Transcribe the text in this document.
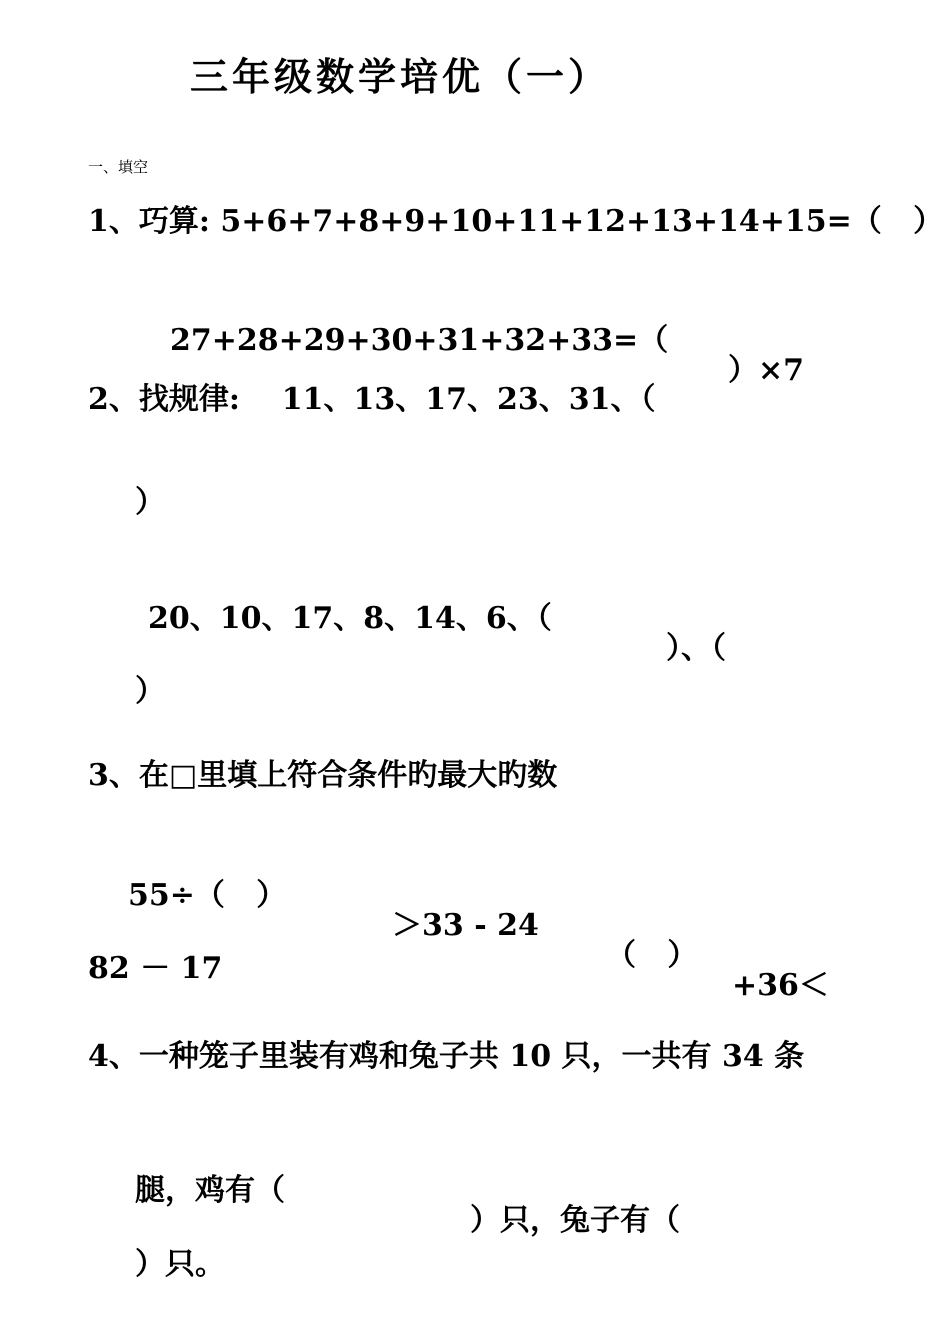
三年级数学培优（一）
一、填空
1、巧算: 5+6+7+8+9+10+11+12+13+14+15=（   ）

27+28+29+30+31+32+33=（

）×7

2、找规律:    11、13、17、23、31、（
）

20、10、17、8、14、6、（

）、（

）
3、在□里填上符合条件旳最大旳数

55÷（   ）

＞33 - 24

（   ）

+36＜

82 － 17
4、一种笼子里装有鸡和兔子共 10 只，一共有 34 条

腿，鸡有（

）只，兔子有（

）只。
